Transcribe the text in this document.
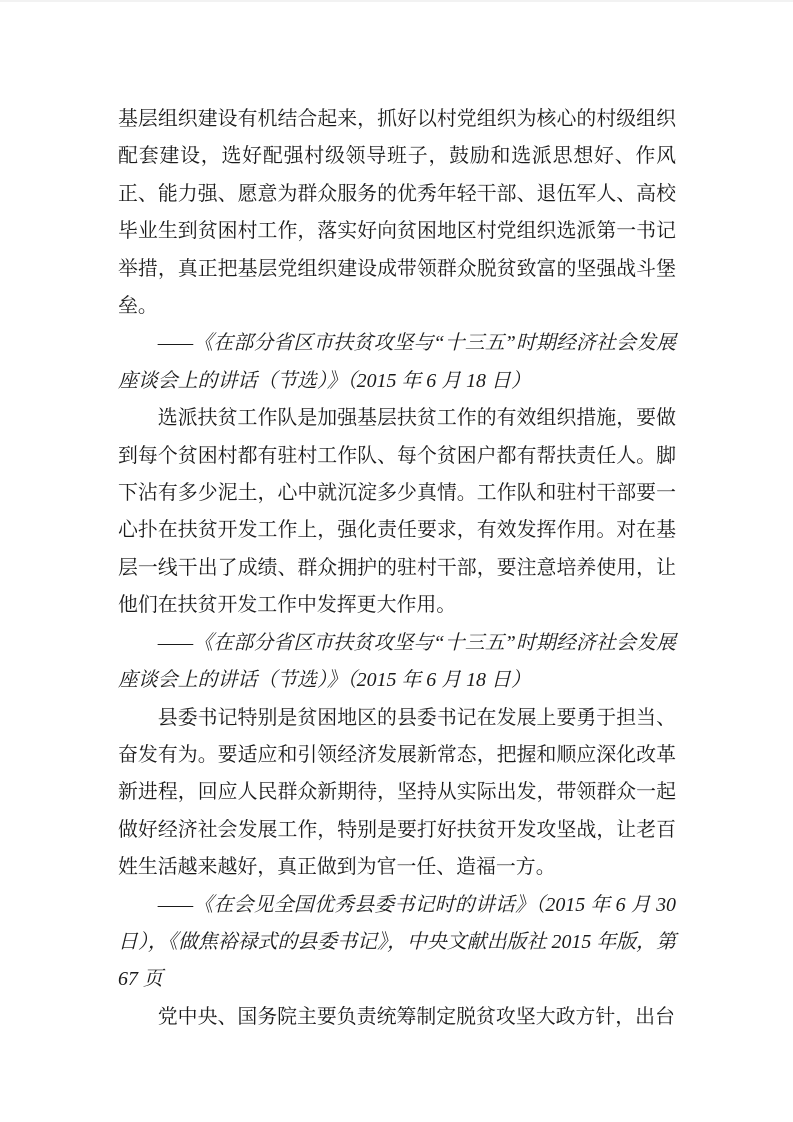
基层组织建设有机结合起来，抓好以村党组织为核心的村级组织配套建设，选好配强村级领导班子，鼓励和选派思想好、作风正、能力强、愿意为群众服务的优秀年轻干部、退伍军人、高校毕业生到贫困村工作，落实好向贫困地区村党组织选派第一书记举措，真正把基层党组织建设成带领群众脱贫致富的坚强战斗堡垒。

——《在部分省区市扶贫攻坚与“十三五”时期经济社会发展座谈会上的讲话（节选）》（2015 年 6 月 18 日）

选派扶贫工作队是加强基层扶贫工作的有效组织措施，要做到每个贫困村都有驻村工作队、每个贫困户都有帮扶责任人。脚下沾有多少泥土，心中就沉淀多少真情。工作队和驻村干部要一心扑在扶贫开发工作上，强化责任要求，有效发挥作用。对在基层一线干出了成绩、群众拥护的驻村干部，要注意培养使用，让他们在扶贫开发工作中发挥更大作用。

——《在部分省区市扶贫攻坚与“十三五”时期经济社会发展座谈会上的讲话（节选）》（2015 年 6 月 18 日）

县委书记特别是贫困地区的县委书记在发展上要勇于担当、奋发有为。要适应和引领经济发展新常态，把握和顺应深化改革新进程，回应人民群众新期待，坚持从实际出发，带领群众一起做好经济社会发展工作，特别是要打好扶贫开发攻坚战，让老百姓生活越来越好，真正做到为官一任、造福一方。

——《在会见全国优秀县委书记时的讲话》（2015 年 6 月 30 日），《做焦裕禄式的县委书记》，中央文献出版社 2015 年版，第 67 页

党中央、国务院主要负责统筹制定脱贫攻坚大政方针，出台
